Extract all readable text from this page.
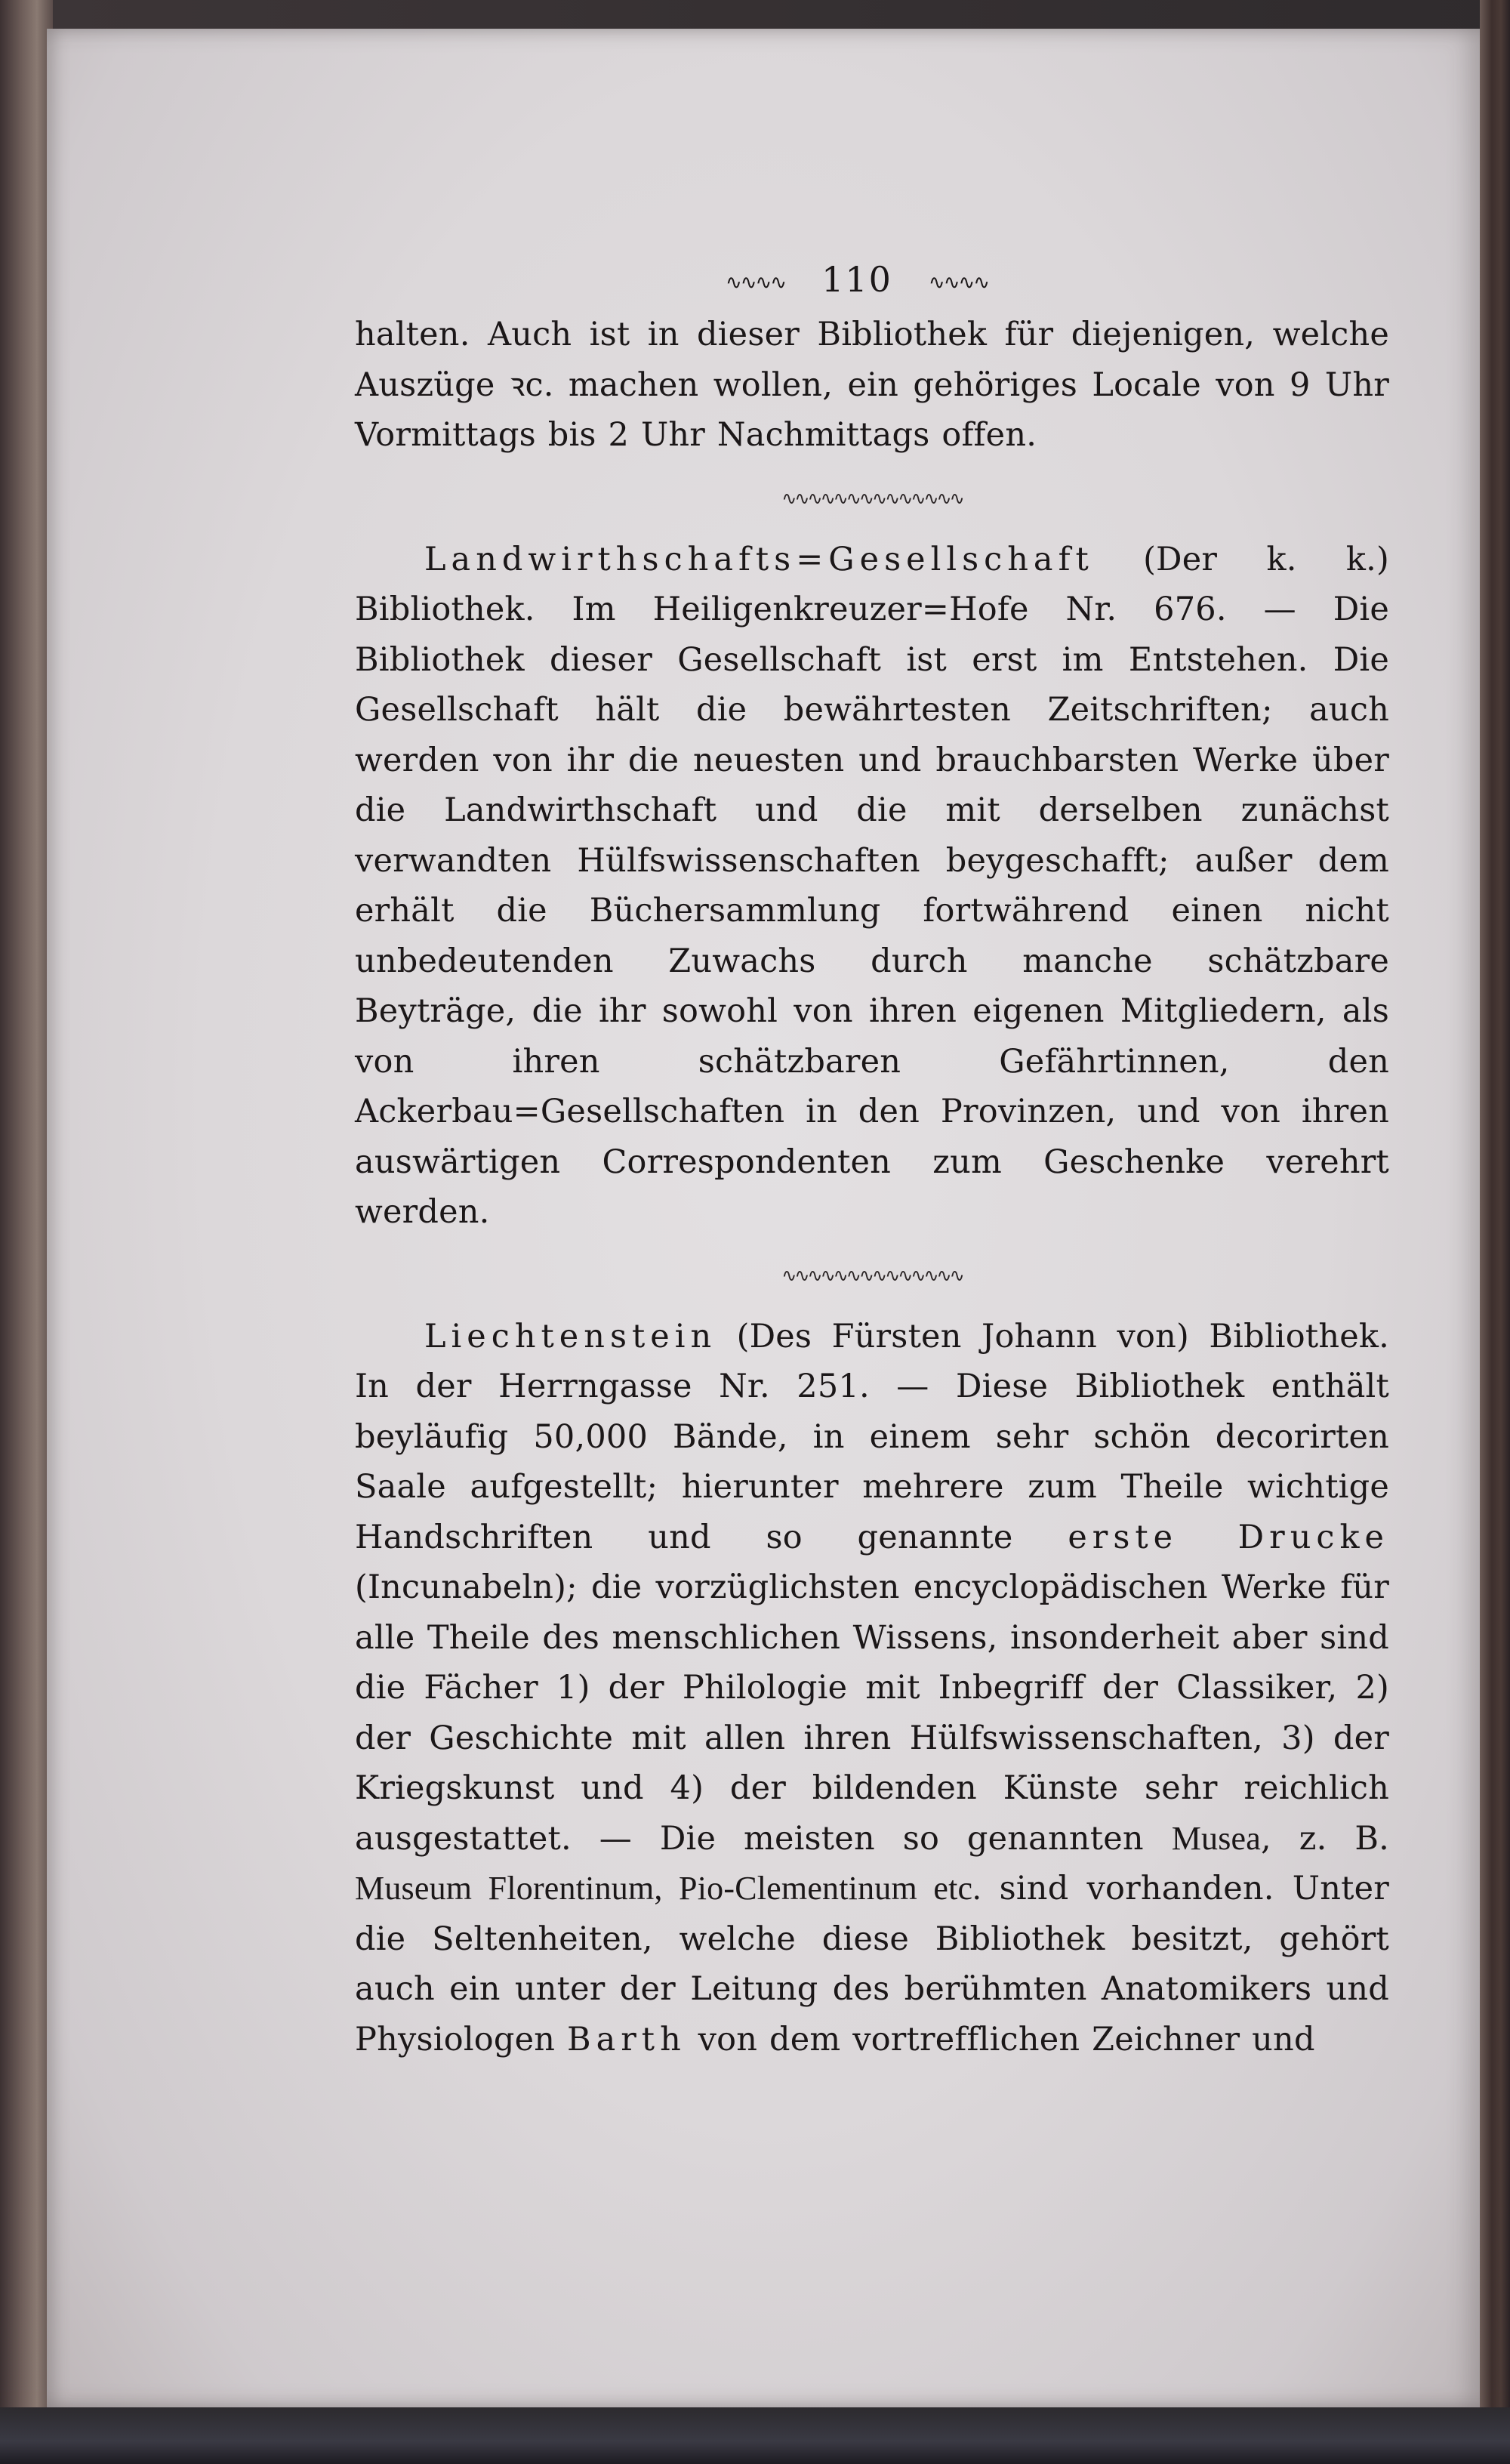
∿∿∿∿ 110 ∿∿∿∿

halten. Auch ist in dieser Bibliothek für diejenigen, welche Auszüge ꝛc. machen wollen, ein gehöriges Locale von 9 Uhr Vormittags bis 2 Uhr Nachmittags offen.

∿∿∿∿∿∿∿∿∿∿∿∿∿∿

Landwirthschafts=Gesellschaft (Der k. k.) Bibliothek. Im Heiligenkreuzer=Hofe Nr. 676. — Die Bibliothek dieser Gesellschaft ist erst im Entstehen. Die Gesellschaft hält die bewährtesten Zeitschriften; auch werden von ihr die neuesten und brauchbarsten Werke über die Landwirthschaft und die mit derselben zunächst verwandten Hülfswissenschaften beygeschafft; außer dem erhält die Büchersammlung fortwährend einen nicht unbedeutenden Zuwachs durch manche schätzbare Beyträge, die ihr sowohl von ihren eigenen Mitgliedern, als von ihren schätzbaren Gefährtinnen, den Ackerbau=Gesellschaften in den Provinzen, und von ihren auswärtigen Correspondenten zum Geschenke verehrt werden.

∿∿∿∿∿∿∿∿∿∿∿∿∿∿

Liechtenstein (Des Fürsten Johann von) Bibliothek. In der Herrngasse Nr. 251. — Diese Bibliothek enthält beyläufig 50,000 Bände, in einem sehr schön decorirten Saale aufgestellt; hierunter mehrere zum Theile wichtige Handschriften und so genannte erste Drucke (Incunabeln); die vorzüglichsten encyclopädischen Werke für alle Theile des menschlichen Wissens, insonderheit aber sind die Fächer 1) der Philologie mit Inbegriff der Classiker, 2) der Geschichte mit allen ihren Hülfswissenschaften, 3) der Kriegskunst und 4) der bildenden Künste sehr reichlich ausgestattet. — Die meisten so genannten Musea, z. B. Museum Florentinum, Pio-Clementinum etc. sind vorhanden. Unter die Seltenheiten, welche diese Bibliothek besitzt, gehört auch ein unter der Leitung des berühmten Anatomikers und Physiologen Barth von dem vortrefflichen Zeichner und
